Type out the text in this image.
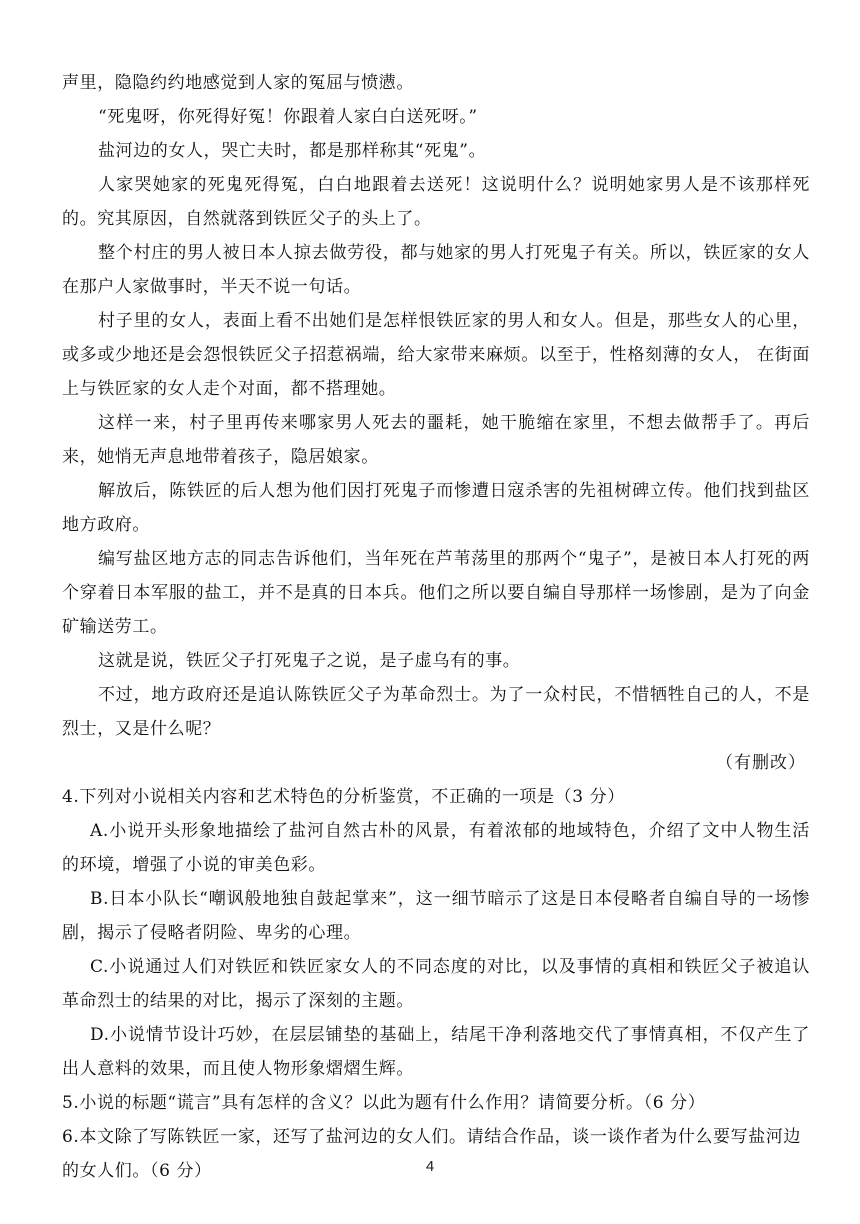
声里，隐隐约约地感觉到人家的冤屈与愤懑。

“死鬼呀，你死得好冤！你跟着人家白白送死呀。”

盐河边的女人，哭亡夫时，都是那样称其“死鬼”。

人家哭她家的死鬼死得冤，白白地跟着去送死！这说明什么？说明她家男人是不该那样死的。究其原因，自然就落到铁匠父子的头上了。

整个村庄的男人被日本人掠去做劳役，都与她家的男人打死鬼子有关。所以，铁匠家的女人在那户人家做事时，半天不说一句话。

村子里的女人，表面上看不出她们是怎样恨铁匠家的男人和女人。但是，那些女人的心里，或多或少地还是会怨恨铁匠父子招惹祸端，给大家带来麻烦。以至于，性格刻薄的女人， 在街面上与铁匠家的女人走个对面，都不搭理她。

这样一来，村子里再传来哪家男人死去的噩耗，她干脆缩在家里，不想去做帮手了。再后来，她悄无声息地带着孩子，隐居娘家。

解放后，陈铁匠的后人想为他们因打死鬼子而惨遭日寇杀害的先祖树碑立传。他们找到盐区地方政府。

编写盐区地方志的同志告诉他们，当年死在芦苇荡里的那两个“鬼子”，是被日本人打死的两个穿着日本军服的盐工，并不是真的日本兵。他们之所以要自编自导那样一场惨剧，是为了向金矿输送劳工。

这就是说，铁匠父子打死鬼子之说，是子虚乌有的事。

不过，地方政府还是追认陈铁匠父子为革命烈士。为了一众村民，不惜牺牲自己的人，不是烈士，又是什么呢？

（有删改）

4.下列对小说相关内容和艺术特色的分析鉴赏，不正确的一项是（3 分）

A.小说开头形象地描绘了盐河自然古朴的风景，有着浓郁的地域特色，介绍了文中人物生活的环境，增强了小说的审美色彩。

B.日本小队长“嘲讽般地独自鼓起掌来”，这一细节暗示了这是日本侵略者自编自导的一场惨剧，揭示了侵略者阴险、卑劣的心理。

C.小说通过人们对铁匠和铁匠家女人的不同态度的对比，以及事情的真相和铁匠父子被追认革命烈士的结果的对比，揭示了深刻的主题。

D.小说情节设计巧妙，在层层铺垫的基础上，结尾干净利落地交代了事情真相，不仅产生了出人意料的效果，而且使人物形象熠熠生辉。

5.小说的标题“谎言”具有怎样的含义？以此为题有什么作用？请简要分析。（6 分）

6.本文除了写陈铁匠一家，还写了盐河边的女人们。请结合作品，谈一谈作者为什么要写盐河边的女人们。（6 分）	4
